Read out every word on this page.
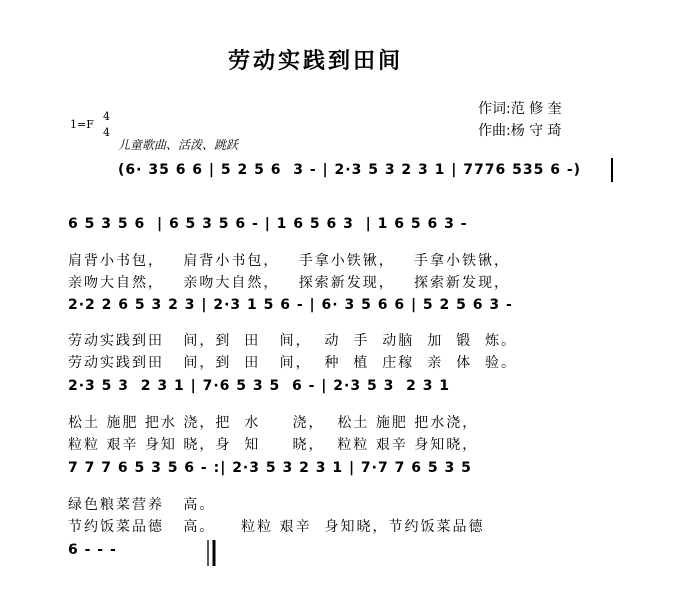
劳动实践到田间
作词:范 修 奎
作曲:杨 守 琦
1=F
4
4
儿童歌曲、活泼、跳跃
(6· 35 6 6 | 5 2 5 6  3 - | 2·3 5 3 2 3 1 | 7776 535 6 -)
6 5 3 5 6  | 6 5 3 5 6 - | 1 6 5 6 3  | 1 6 5 6 3 -
肩背小书包，   肩背小书包，   手拿小铁锹，   手拿小铁锹，
亲吻大自然，   亲吻大自然，   探索新发现，   探索新发现，
2·2 2 6 5 3 2 3 | 2·3 1 5 6 - | 6· 3 5 6 6 | 5 2 5 6 3 -
劳动实践到田   间，到  田   间，  动  手  动脑  加  锻  炼。
劳动实践到田   间，到  田   间，  种  植  庄稼  亲  体  验。
2·3 5 3  2 3 1 | 7·6 5 3 5  6 - | 2·3 5 3  2 3 1
松土 施肥 把水 浇，把  水     浇，  松土 施肥 把水浇，
粒粒 艰辛 身知 晓，身  知     晓，  粒粒 艰辛 身知晓，
7 7 7 6 5 3 5 6 - :| 2·3 5 3 2 3 1 | 7·7 7 6 5 3 5
绿色粮菜营养   高。
节约饭菜品德   高。    粒粒 艰辛  身知晓，节约饭菜品德
6 - - -
